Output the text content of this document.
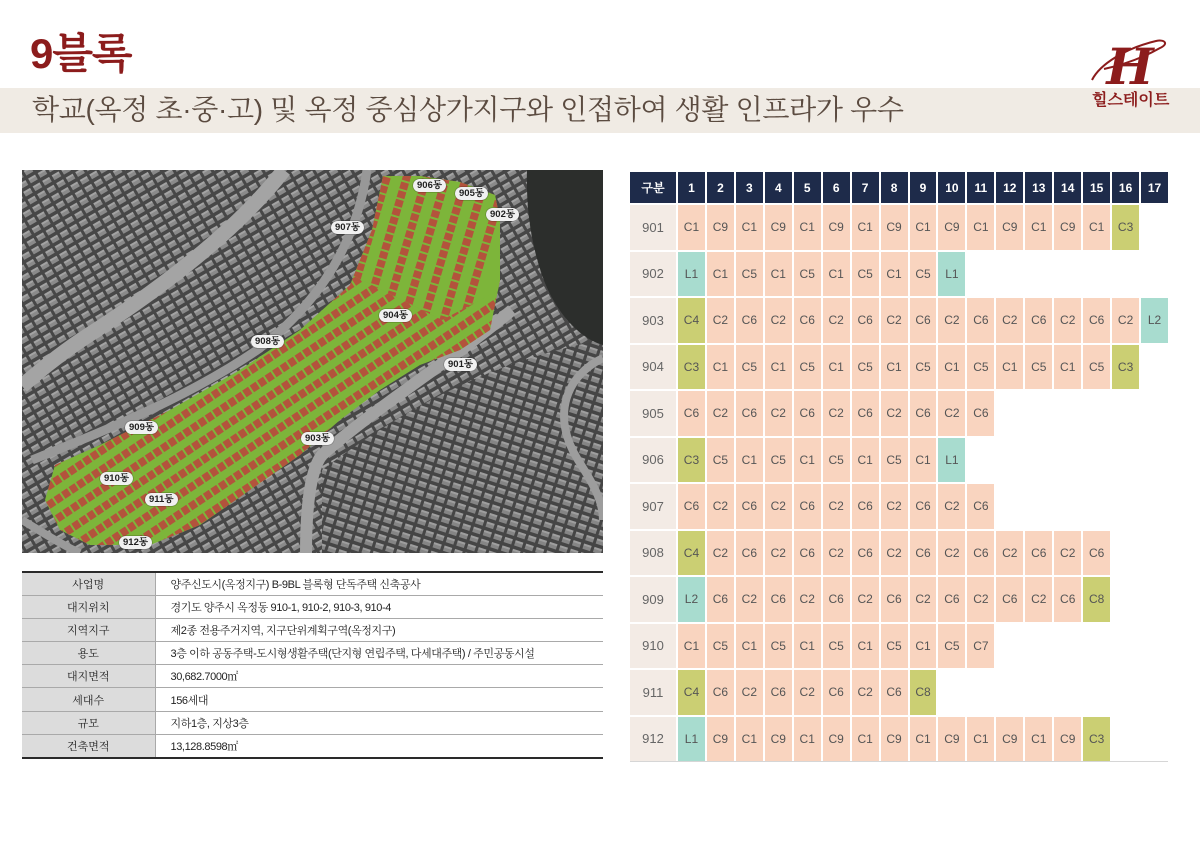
9블록
학교(옥정 초·중·고) 및 옥정 중심상가지구와 인접하여 생활 인프라가 우수
H
힐스테이트
906동
905동
902동
907동
904동
908동
901동
909동
903동
910동
911동
912동
사업명	양주신도시(옥정지구) B-9BL 블록형 단독주택 신축공사
대지위치	경기도 양주시 옥정동 910-1, 910-2, 910-3, 910-4
지역지구	제2종 전용주거지역, 지구단위계획구역(옥정지구)
용도	3층 이하 공동주택-도시형생활주택(단지형 연립주택, 다세대주택) / 주민공동시설
대지면적	30,682.7000㎡
세대수	156세대
규모	지하1층, 지상3층
건축면적	13,128.8598㎡
구분	1	2	3	4	5	6	7	8	9	10	11	12	13	14	15	16	17
901	C1	C9	C1	C9	C1	C9	C1	C9	C1	C9	C1	C9	C1	C9	C1	C3
902	L1	C1	C5	C1	C5	C1	C5	C1	C5	L1
903	C4	C2	C6	C2	C6	C2	C6	C2	C6	C2	C6	C2	C6	C2	C6	C2	L2
904	C3	C1	C5	C1	C5	C1	C5	C1	C5	C1	C5	C1	C5	C1	C5	C3
905	C6	C2	C6	C2	C6	C2	C6	C2	C6	C2	C6
906	C3	C5	C1	C5	C1	C5	C1	C5	C1	L1
907	C6	C2	C6	C2	C6	C2	C6	C2	C6	C2	C6
908	C4	C2	C6	C2	C6	C2	C6	C2	C6	C2	C6	C2	C6	C2	C6
909	L2	C6	C2	C6	C2	C6	C2	C6	C2	C6	C2	C6	C2	C6	C8
910	C1	C5	C1	C5	C1	C5	C1	C5	C1	C5	C7
911	C4	C6	C2	C6	C2	C6	C2	C6	C8
912	L1	C9	C1	C9	C1	C9	C1	C9	C1	C9	C1	C9	C1	C9	C3
